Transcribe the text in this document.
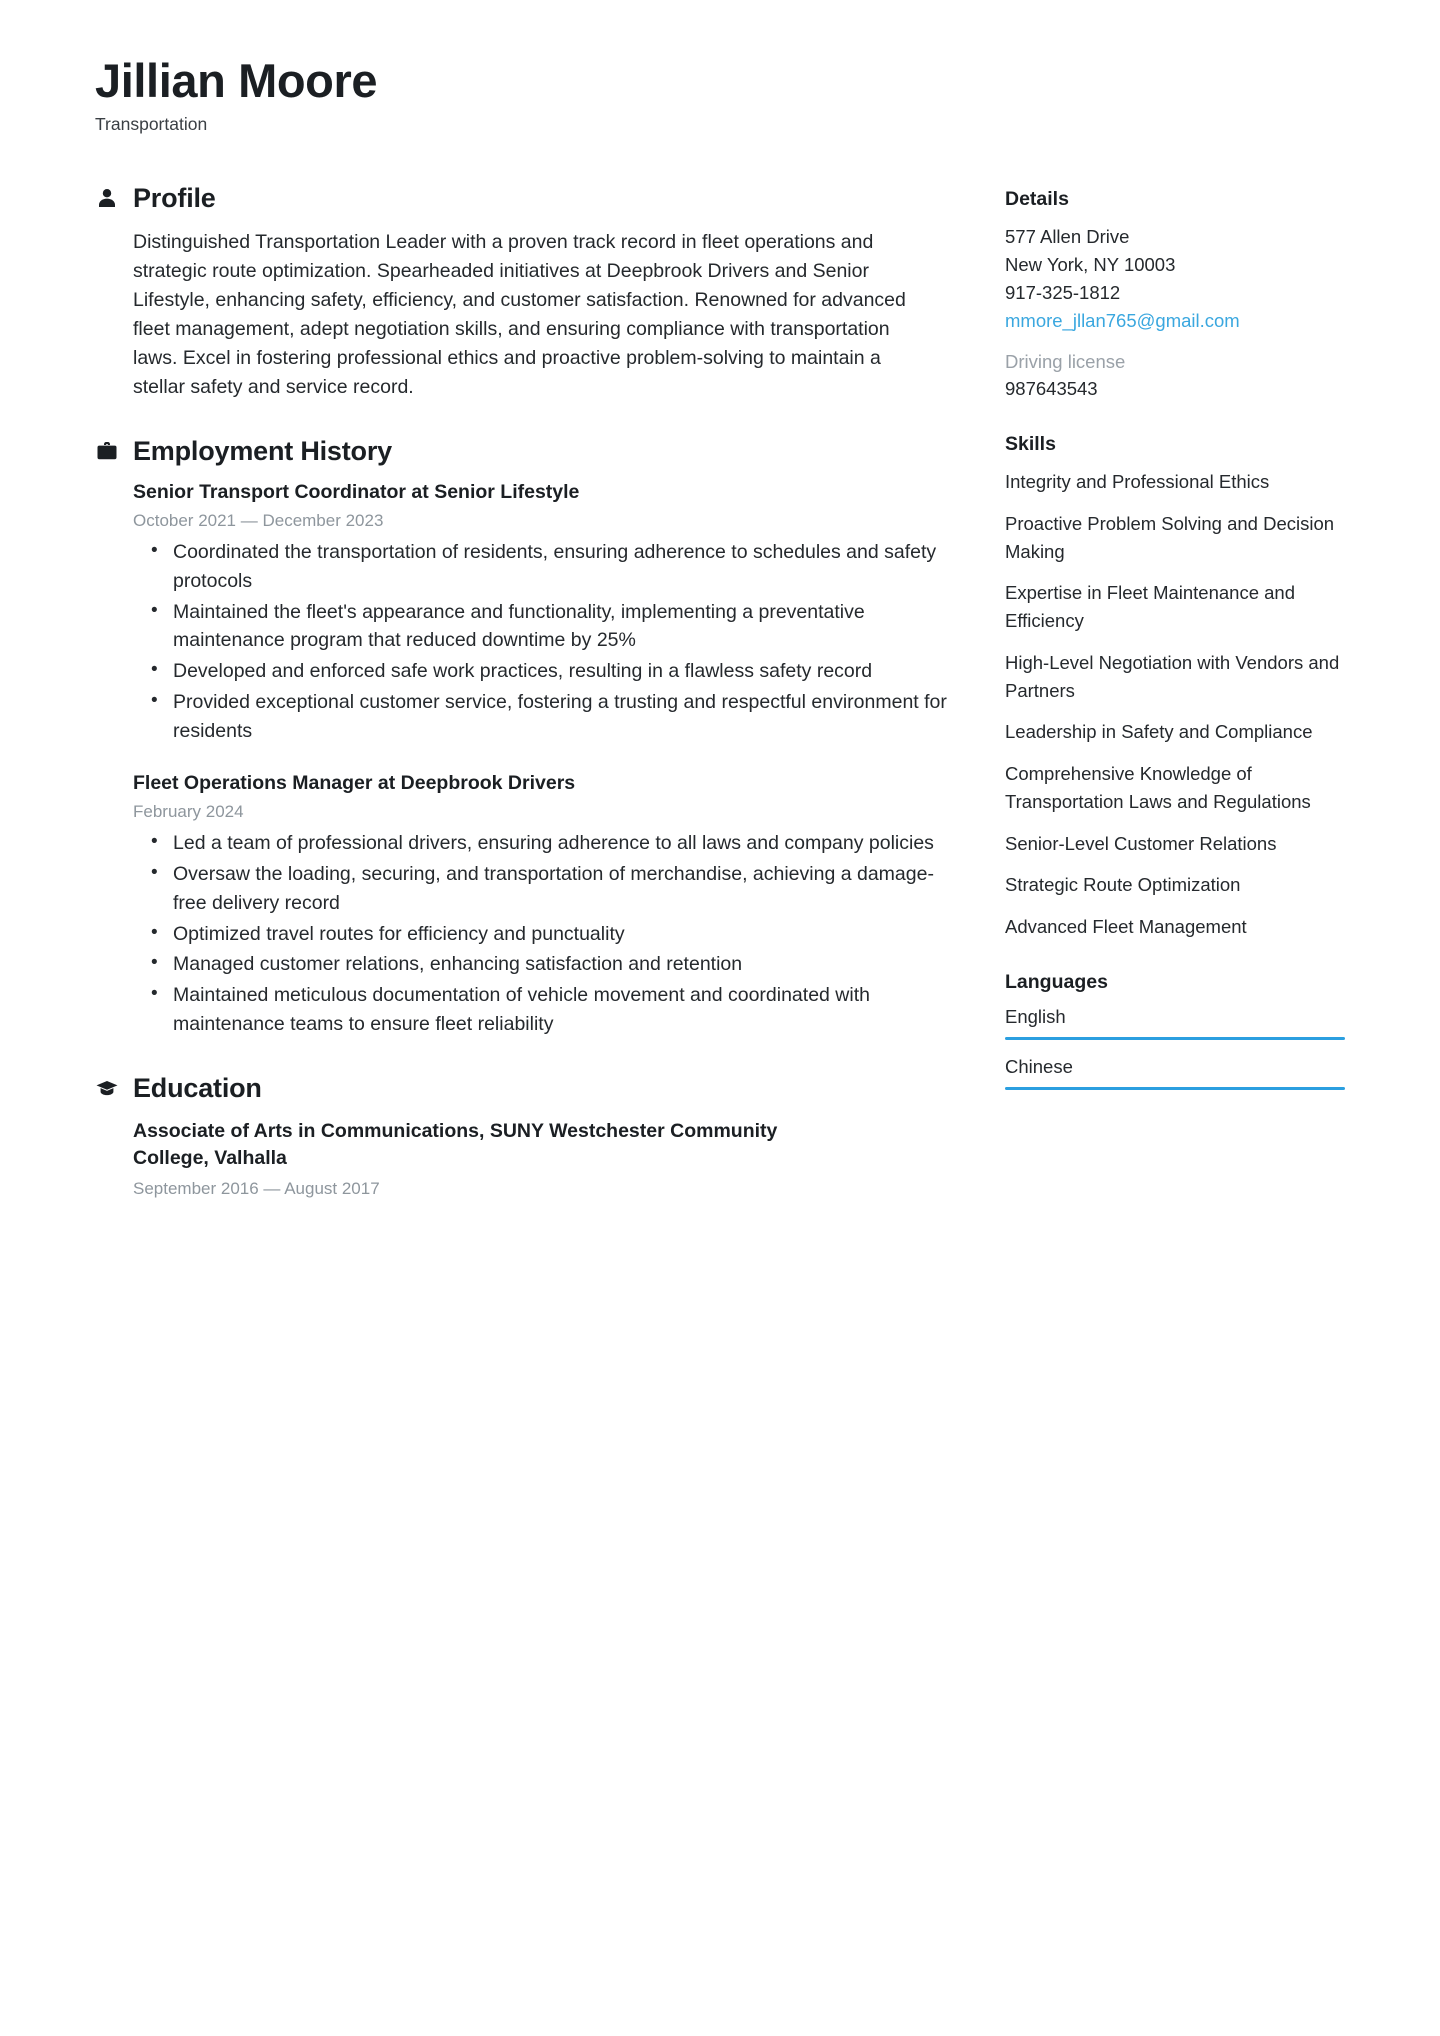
Jillian Moore
Transportation
Profile

Distinguished Transportation Leader with a proven track record in fleet operations and strategic route optimization. Spearheaded initiatives at Deepbrook Drivers and Senior Lifestyle, enhancing safety, efficiency, and customer satisfaction. Renowned for advanced fleet management, adept negotiation skills, and ensuring compliance with transportation laws. Excel in fostering professional ethics and proactive problem-solving to maintain a stellar safety and service record.

Employment History
Senior Transport Coordinator at Senior Lifestyle
October 2021 — December 2023
• Coordinated the transportation of residents, ensuring adherence to schedules and safety protocols
• Maintained the fleet's appearance and functionality, implementing a preventative maintenance program that reduced downtime by 25%
• Developed and enforced safe work practices, resulting in a flawless safety record
• Provided exceptional customer service, fostering a trusting and respectful environment for residents
Fleet Operations Manager at Deepbrook Drivers
February 2024
• Led a team of professional drivers, ensuring adherence to all laws and company policies
• Oversaw the loading, securing, and transportation of merchandise, achieving a damage-free delivery record
• Optimized travel routes for efficiency and punctuality
• Managed customer relations, enhancing satisfaction and retention
• Maintained meticulous documentation of vehicle movement and coordinated with maintenance teams to ensure fleet reliability
Education
Associate of Arts in Communications, SUNY Westchester Community College, Valhalla
September 2016 — August 2017
Details
577 Allen Drive
New York, NY 10003
917-325-1812
mmore_jllan765@gmail.com
Driving license
987643543
Skills
Integrity and Professional Ethics
Proactive Problem Solving and Decision Making
Expertise in Fleet Maintenance and Efficiency
High-Level Negotiation with Vendors and Partners
Leadership in Safety and Compliance
Comprehensive Knowledge of Transportation Laws and Regulations
Senior-Level Customer Relations
Strategic Route Optimization
Advanced Fleet Management
Languages
English
Chinese
